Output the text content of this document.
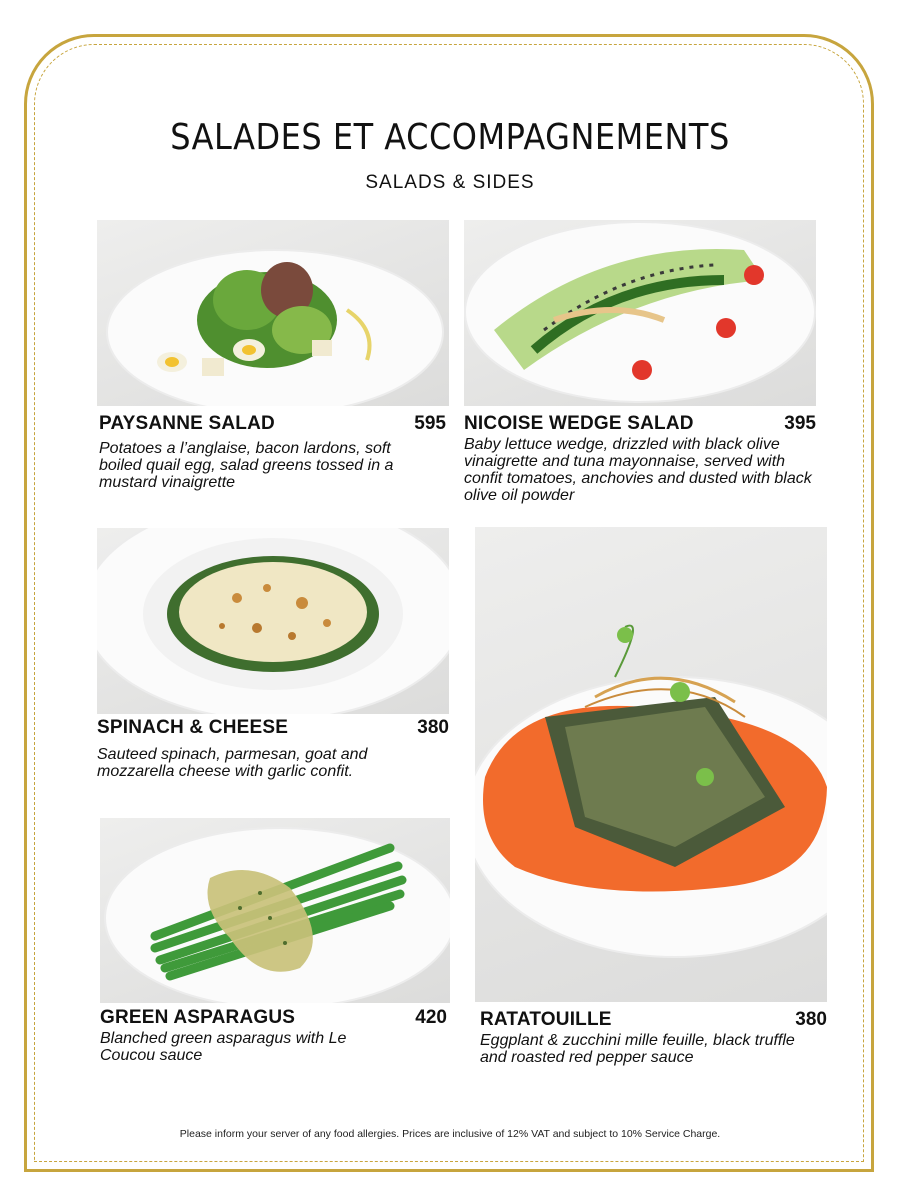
SALADES ET ACCOMPAGNEMENTS
SALADS & SIDES
PAYSANNE SALAD	595
Potatoes a l’anglaise, bacon lardons, soft boiled quail egg, salad greens tossed in a mustard vinaigrette
NICOISE WEDGE SALAD	395
Baby lettuce wedge, drizzled with black olive vinaigrette and tuna mayonnaise, served with confit tomatoes, anchovies and dusted with black olive oil powder
SPINACH & CHEESE	380
Sauteed spinach, parmesan, goat and mozzarella cheese with garlic confit.
GREEN ASPARAGUS	420
Blanched green asparagus with Le Coucou sauce
RATATOUILLE	380
Eggplant & zucchini mille feuille, black truffle and roasted red pepper sauce
Please inform your server of any food allergies. Prices are inclusive of 12% VAT and subject to 10% Service Charge.
